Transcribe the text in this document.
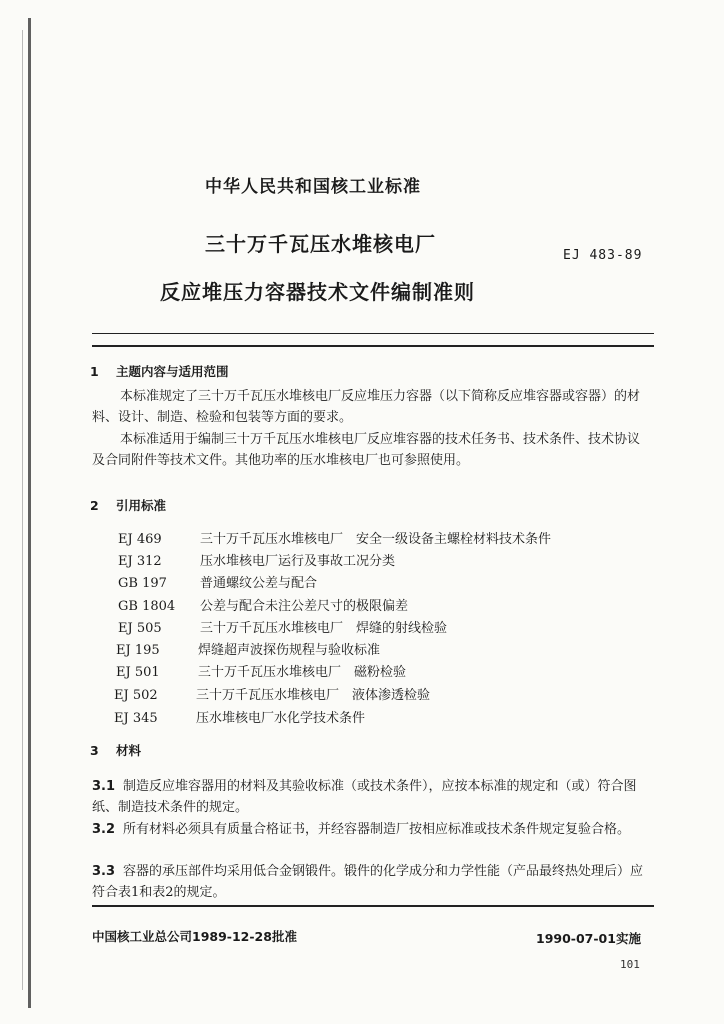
中华人民共和国核工业标准
三十万千瓦压水堆核电厂
反应堆压力容器技术文件编制准则
EJ 483-89
1 主题内容与适用范围

本标准规定了三十万千瓦压水堆核电厂反应堆压力容器（以下简称反应堆容器或容器）的材料、设计、制造、检验和包装等方面的要求。

本标准适用于编制三十万千瓦压水堆核电厂反应堆容器的技术任务书、技术条件、技术协议及合同附件等技术文件。其他功率的压水堆核电厂也可参照使用。

2 引用标准
EJ 469	三十万千瓦压水堆核电厂　安全一级设备主螺栓材料技术条件
EJ 312	压水堆核电厂运行及事故工况分类
GB 197	普通螺纹公差与配合
GB 1804 公差与配合未注公差尺寸的极限偏差
EJ 505	三十万千瓦压水堆核电厂　焊缝的射线检验
EJ 195	焊缝超声波探伤规程与验收标准
EJ 501	三十万千瓦压水堆核电厂　磁粉检验
EJ 502	三十万千瓦压水堆核电厂　液体渗透检验
EJ 345	压水堆核电厂水化学技术条件
3 材料

3.1 制造反应堆容器用的材料及其验收标准（或技术条件），应按本标准的规定和（或）符合图纸、制造技术条件的规定。

3.2 所有材料必须具有质量合格证书，并经容器制造厂按相应标准或技术条件规定复验合格。

3.3 容器的承压部件均采用低合金钢锻件。锻件的化学成分和力学性能（产品最终热处理后）应符合表1和表2的规定。

中国核工业总公司1989-12-28批准	1990-07-01实施
101
